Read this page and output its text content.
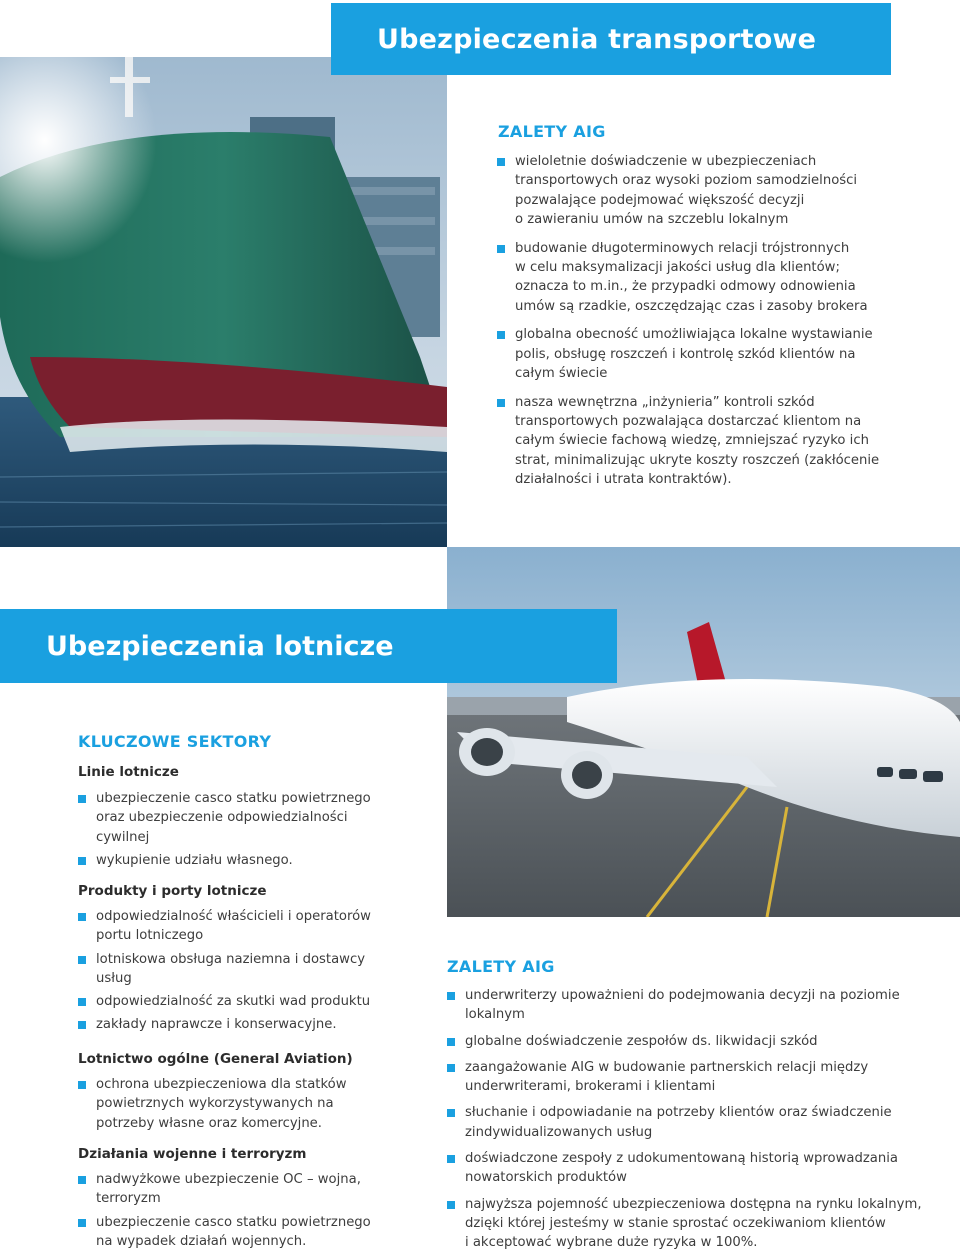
Ubezpieczenia transportowe
ZALETY AIG
wieloletnie doświadczenie w ubezpieczeniach
transportowych oraz wysoki poziom samodzielności
pozwalające podejmować większość decyzji
o zawieraniu umów na szczeblu lokalnym
budowanie długoterminowych relacji trójstronnych
w celu maksymalizacji jakości usług dla klientów;
oznacza to m.in., że przypadki odmowy odnowienia
umów są rzadkie, oszczędzając czas i zasoby brokera
globalna obecność umożliwiająca lokalne wystawianie
polis, obsługę roszczeń i kontrolę szkód klientów na
całym świecie
nasza wewnętrzna „inżynieria” kontroli szkód
transportowych pozwalająca dostarczać klientom na
całym świecie fachową wiedzę, zmniejszać ryzyko ich
strat, minimalizując ukryte koszty roszczeń (zakłócenie
działalności i utrata kontraktów).
Ubezpieczenia lotnicze
KLUCZOWE SEKTORY
Linie lotnicze
ubezpieczenie casco statku powietrznego
oraz ubezpieczenie odpowiedzialności
cywilnej
wykupienie udziału własnego.
Produkty i porty lotnicze
odpowiedzialność właścicieli i operatorów
portu lotniczego
lotniskowa obsługa naziemna i dostawcy
usług
odpowiedzialność za skutki wad produktu
zakłady naprawcze i konserwacyjne.
Lotnictwo ogólne (General Aviation)
ochrona ubezpieczeniowa dla statków
powietrznych wykorzystywanych na
potrzeby własne oraz komercyjne.
Działania wojenne i terroryzm
nadwyżkowe ubezpieczenie OC – wojna,
terroryzm
ubezpieczenie casco statku powietrznego
na wypadek działań wojennych.
ZALETY AIG
underwriterzy upoważnieni do podejmowania decyzji na poziomie
lokalnym
globalne doświadczenie zespołów ds. likwidacji szkód
zaangażowanie AIG w budowanie partnerskich relacji między
underwriterami, brokerami i klientami
słuchanie i odpowiadanie na potrzeby klientów oraz świadczenie
zindywidualizowanych usług
doświadczone zespoły z udokumentowaną historią wprowadzania
nowatorskich produktów
najwyższa pojemność ubezpieczeniowa dostępna na rynku lokalnym,
dzięki której jesteśmy w stanie sprostać oczekiwaniom klientów
i akceptować wybrane duże ryzyka w 100%.
